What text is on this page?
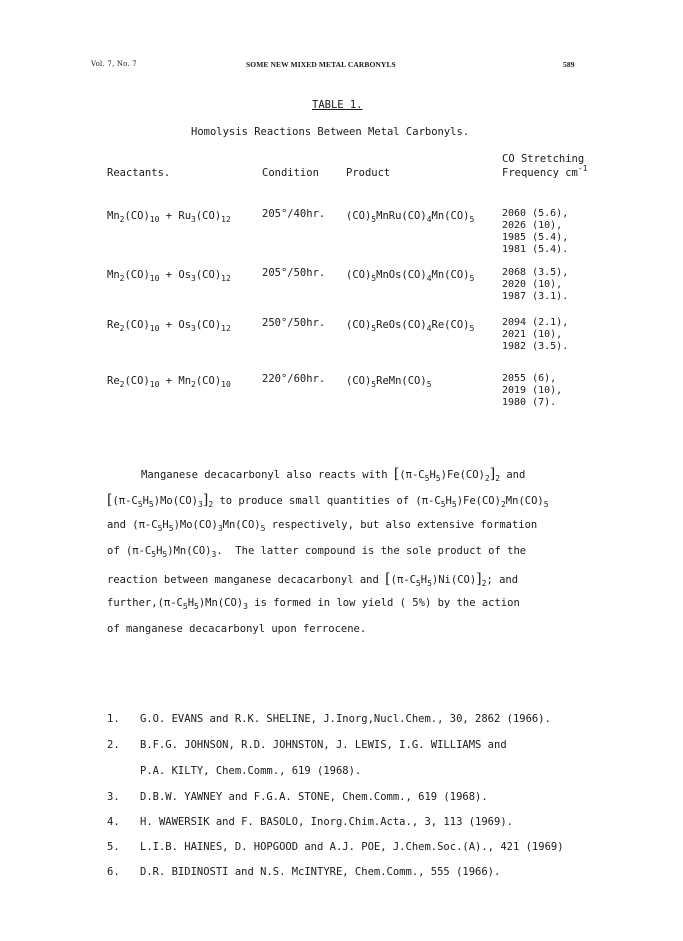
Vol. 7, No. 7	SOME NEW MIXED METAL CARBONYLS	589
TABLE 1.
Homolysis Reactions Between Metal Carbonyls.
Reactants.	Condition	Product
CO Stretching
Frequency $cm^{-1}$
$Mn_2(CO)_{10} + Ru_3(CO)_{12}$	205°/40hr. $(CO)_5MnRu(CO)_4Mn(CO)_5$
2060 (5.6),
2026 (10),
1985 (5.4),
1981 (5.4).
$Mn_2(CO)_{10} + Os_3(CO)_{12}$	205°/50hr. $(CO)_5MnOs(CO)_4Mn(CO)_5$
2068 (3.5),
2020 (10),
1987 (3.1).
$Re_2(CO)_{10} + Os_3(CO)_{12}$	250°/50hr. $(CO)_5ReOs(CO)_4Re(CO)_5$
2094 (2.1),
2021 (10),
1982 (3.5).
$Re_2(CO)_{10} + Mn_2(CO)_{10}$	220°/60hr. $(CO)_5ReMn(CO)_5$
2055 (6),
2019 (10),
1980 (7).
Manganese decacarbonyl also reacts with $[(\pi-C_5H_5)Fe(CO)_2]_2$ and
$[(\pi-C_5H_5)Mo(CO)_3]_2$ to produce small quantities of $(\pi-C_5H_5)Fe(CO)_2Mn(CO)_5$
and $(\pi-C_5H_5)Mo(CO)_3Mn(CO)_5$ respectively, but also extensive formation
of $(\pi-C_5H_5)Mn(CO)_3$.  The latter compound is the sole product of the
reaction between manganese decacarbonyl and $[(\pi-C_5H_5)Ni(CO)]_2$; and
$further,(\pi-C_5H_5)Mn(CO)_3$ is formed in low yield ( 5%) by the action
of manganese decacarbonyl upon ferrocene.
1. G.O. EVANS and R.K. SHELINE, J.Inorg,Nucl.Chem., 30, 2862 (1966).
2. B.F.G. JOHNSON, R.D. JOHNSTON, J. LEWIS, I.G. WILLIAMS and
P.A. KILTY, Chem.Comm., 619 (1968).
3. D.B.W. YAWNEY and F.G.A. STONE, Chem.Comm., 619 (1968).
4. H. WAWERSIK and F. BASOLO, Inorg.Chim.Acta., 3, 113 (1969).
5. L.I.B. HAINES, D. HOPGOOD and A.J. POE, J.Chem.Soc.(A)., 421 (1969)
6. D.R. BIDINOSTI and N.S. McINTYRE, Chem.Comm., 555 (1966).
